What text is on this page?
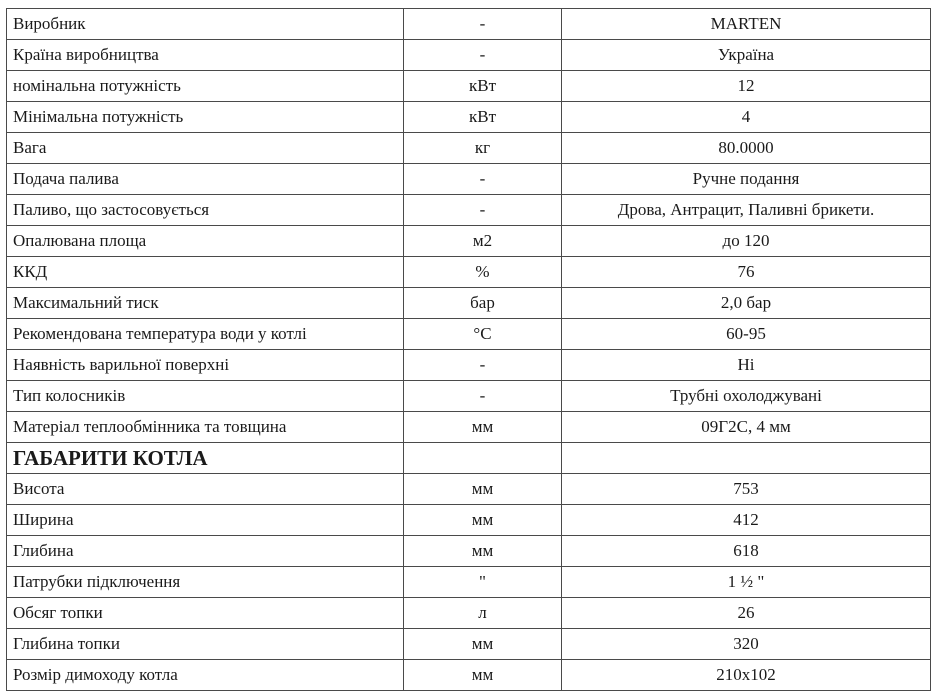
Виробник	-	MARTEN
Країна виробництва	-	Україна
номінальна потужність	кВт	12
Мінімальна потужність	кВт	4
Вага	кг	80.0000
Подача палива	-	Ручне подання
Паливо, що застосовується	-	Дрова, Антрацит, Паливні брикети.
Опалювана площа	м2	до 120
ККД	%	76
Максимальний тиск	бар	2,0 бар
Рекомендована температура води у котлі	°C	60-95
Наявність варильної поверхні	-	Ні
Тип колосників	-	Трубні охолоджувані
Матеріал теплообмінника та товщина	мм	09Г2С, 4 мм
ГАБАРИТИ КОТЛА		
Висота	мм	753
Ширина	мм	412
Глибина	мм	618
Патрубки підключення	"	1 ½ "
Обсяг топки	л	26
Глибина топки	мм	320
Розмір димоходу котла	мм	210х102
